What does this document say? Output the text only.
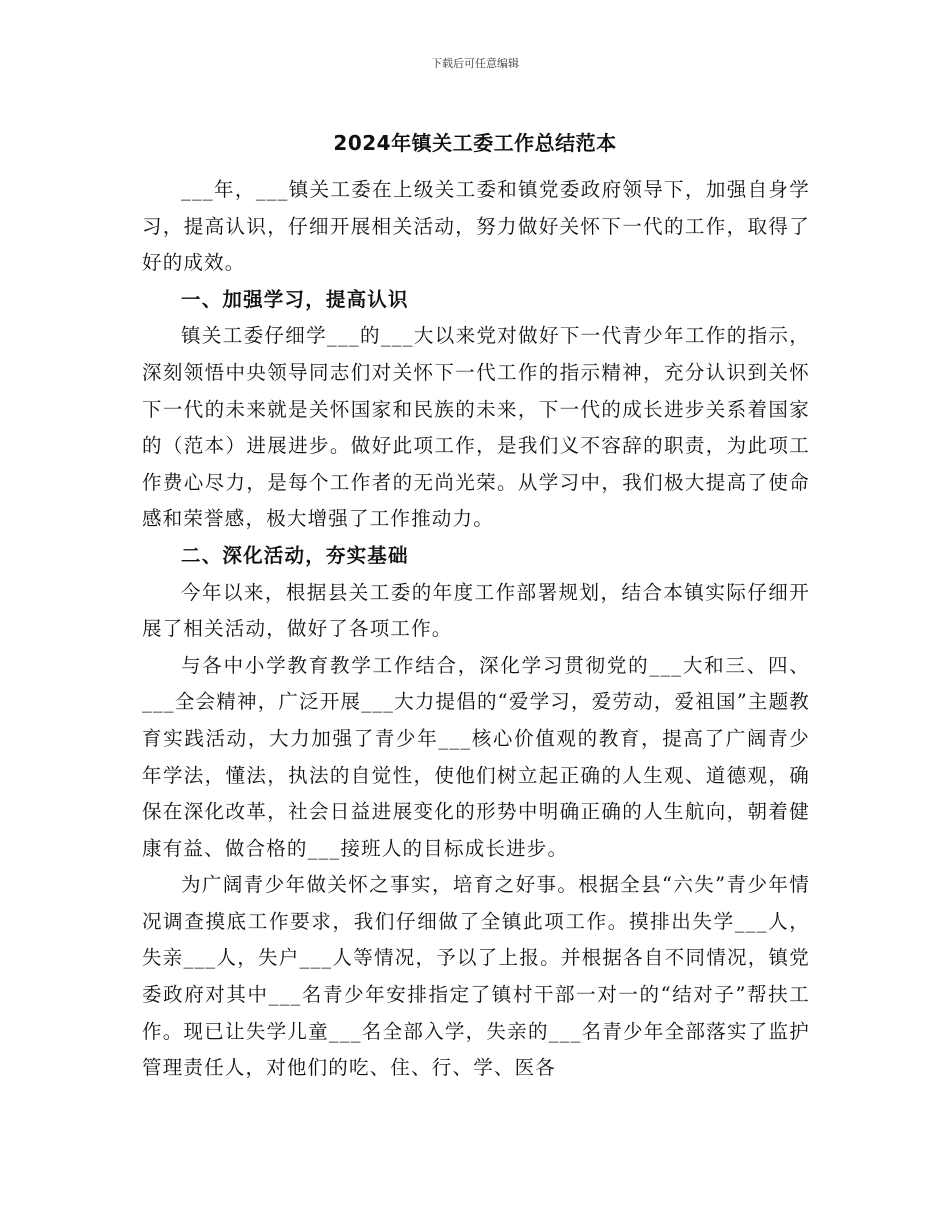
下载后可任意编辑
2024年镇关工委工作总结范本

___年，___镇关工委在上级关工委和镇党委政府领导下，加强自身学习，提高认识，仔细开展相关活动，努力做好关怀下一代的工作，取得了好的成效。

一、加强学习，提高认识

镇关工委仔细学___的___大以来党对做好下一代青少年工作的指示，深刻领悟中央领导同志们对关怀下一代工作的指示精神，充分认识到关怀下一代的未来就是关怀国家和民族的未来，下一代的成长进步关系着国家的（范本）进展进步。做好此项工作，是我们义不容辞的职责，为此项工作费心尽力，是每个工作者的无尚光荣。从学习中，我们极大提高了使命感和荣誉感，极大增强了工作推动力。

二、深化活动，夯实基础

今年以来，根据县关工委的年度工作部署规划，结合本镇实际仔细开展了相关活动，做好了各项工作。

与各中小学教育教学工作结合，深化学习贯彻党的___大和三、四、___全会精神，广泛开展___大力提倡的“爱学习，爱劳动，爱祖国”主题教育实践活动，大力加强了青少年___核心价值观的教育，提高了广阔青少年学法，懂法，执法的自觉性，使他们树立起正确的人生观、道德观，确保在深化改革，社会日益进展变化的形势中明确正确的人生航向，朝着健康有益、做合格的___接班人的目标成长进步。

为广阔青少年做关怀之事实，培育之好事。根据全县“六失”青少年情况调查摸底工作要求，我们仔细做了全镇此项工作。摸排出失学___人，失亲___人，失户___人等情况，予以了上报。并根据各自不同情况，镇党委政府对其中___名青少年安排指定了镇村干部一对一的“结对子”帮扶工作。现已让失学儿童___名全部入学，失亲的___名青少年全部落实了监护管理责任人，对他们的吃、住、行、学、医各
